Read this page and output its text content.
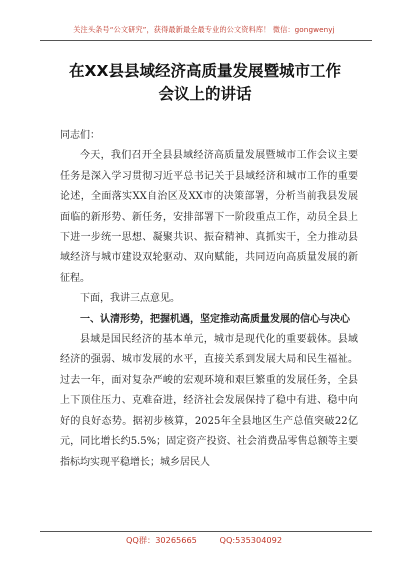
关注头条号“公文研究”，获得最新最全最专业的公文资料库！ 微信：gongwenyj
在XX县县域经济高质量发展暨城市工作
会议上的讲话

同志们：

今天，我们召开全县县域经济高质量发展暨城市工作会议主要任务是深入学习贯彻习近平总书记关于县域经济和城市工作的重要论述，全面落实XX自治区及XX市的决策部署，分析当前我县发展面临的新形势、新任务，安排部署下一阶段重点工作，动员全县上下进一步统一思想、凝聚共识、振奋精神、真抓实干，全力推动县域经济与城市建设双轮驱动、双向赋能，共同迈向高质量发展的新征程。

下面，我讲三点意见。

一、认清形势，把握机遇，坚定推动高质量发展的信心与决心

县域是国民经济的基本单元，城市是现代化的重要载体。县域经济的强弱、城市发展的水平，直接关系到发展大局和民生福祉。过去一年，面对复杂严峻的宏观环境和艰巨繁重的发展任务，全县上下顶住压力、克难奋进，经济社会发展保持了稳中有进、稳中向好的良好态势。据初步核算，2025年全县地区生产总值突破22亿元，同比增长约5.5%；固定资产投资、社会消费品零售总额等主要指标均实现平稳增长；城乡居民人

QQ群：30265665	QQ:535304092
